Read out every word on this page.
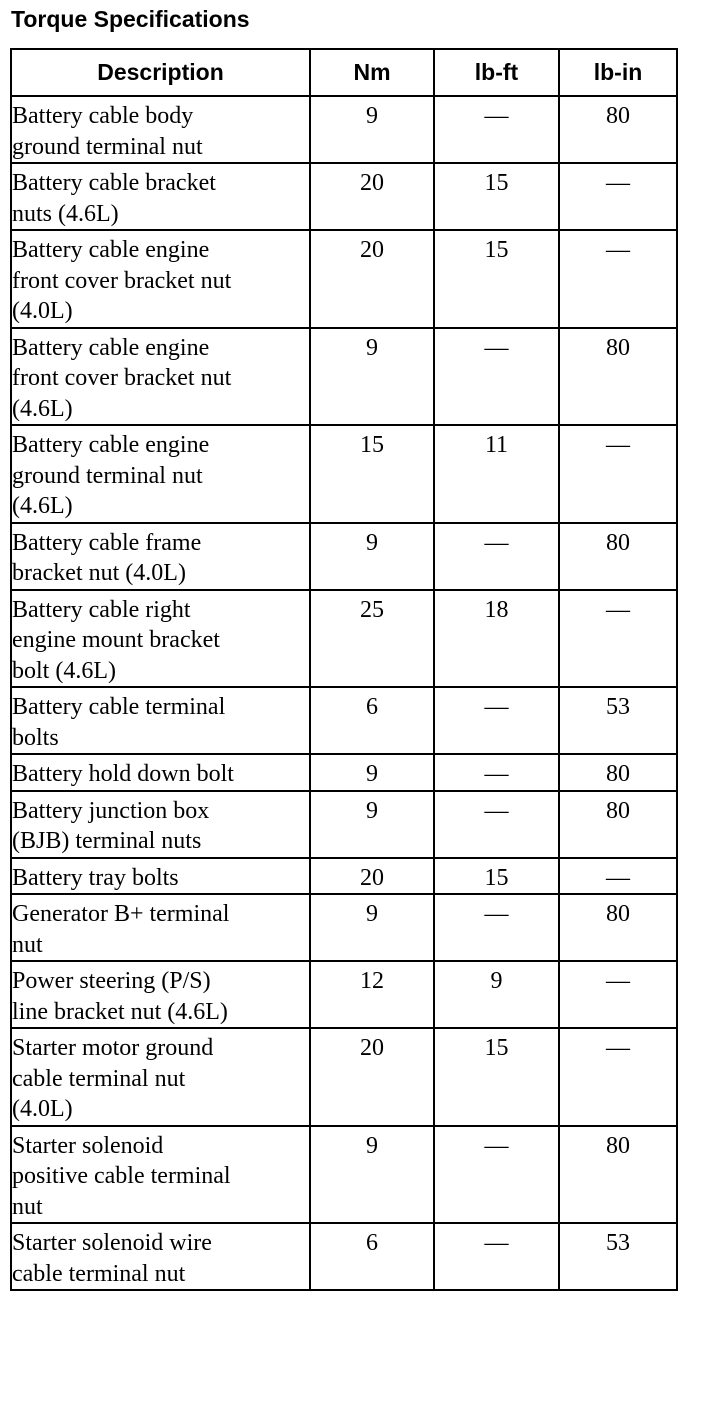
Torque Specifications
Description	Nm	lb-ft	lb-in
Battery cable body
ground terminal nut	9	—	80
Battery cable bracket
nuts (4.6L)	20	15	—
Battery cable engine
front cover bracket nut
(4.0L)	20	15	—
Battery cable engine
front cover bracket nut
(4.6L)	9	—	80
Battery cable engine
ground terminal nut
(4.6L)	15	11	—
Battery cable frame
bracket nut (4.0L)	9	—	80
Battery cable right
engine mount bracket
bolt (4.6L)	25	18	—
Battery cable terminal
bolts	6	—	53
Battery hold down bolt	9	—	80
Battery junction box
(BJB) terminal nuts	9	—	80
Battery tray bolts	20	15	—
Generator B+ terminal
nut	9	—	80
Power steering (P/S)
line bracket nut (4.6L)	12	9	—
Starter motor ground
cable terminal nut
(4.0L)	20	15	—
Starter solenoid
positive cable terminal
nut	9	—	80
Starter solenoid wire
cable terminal nut	6	—	53
